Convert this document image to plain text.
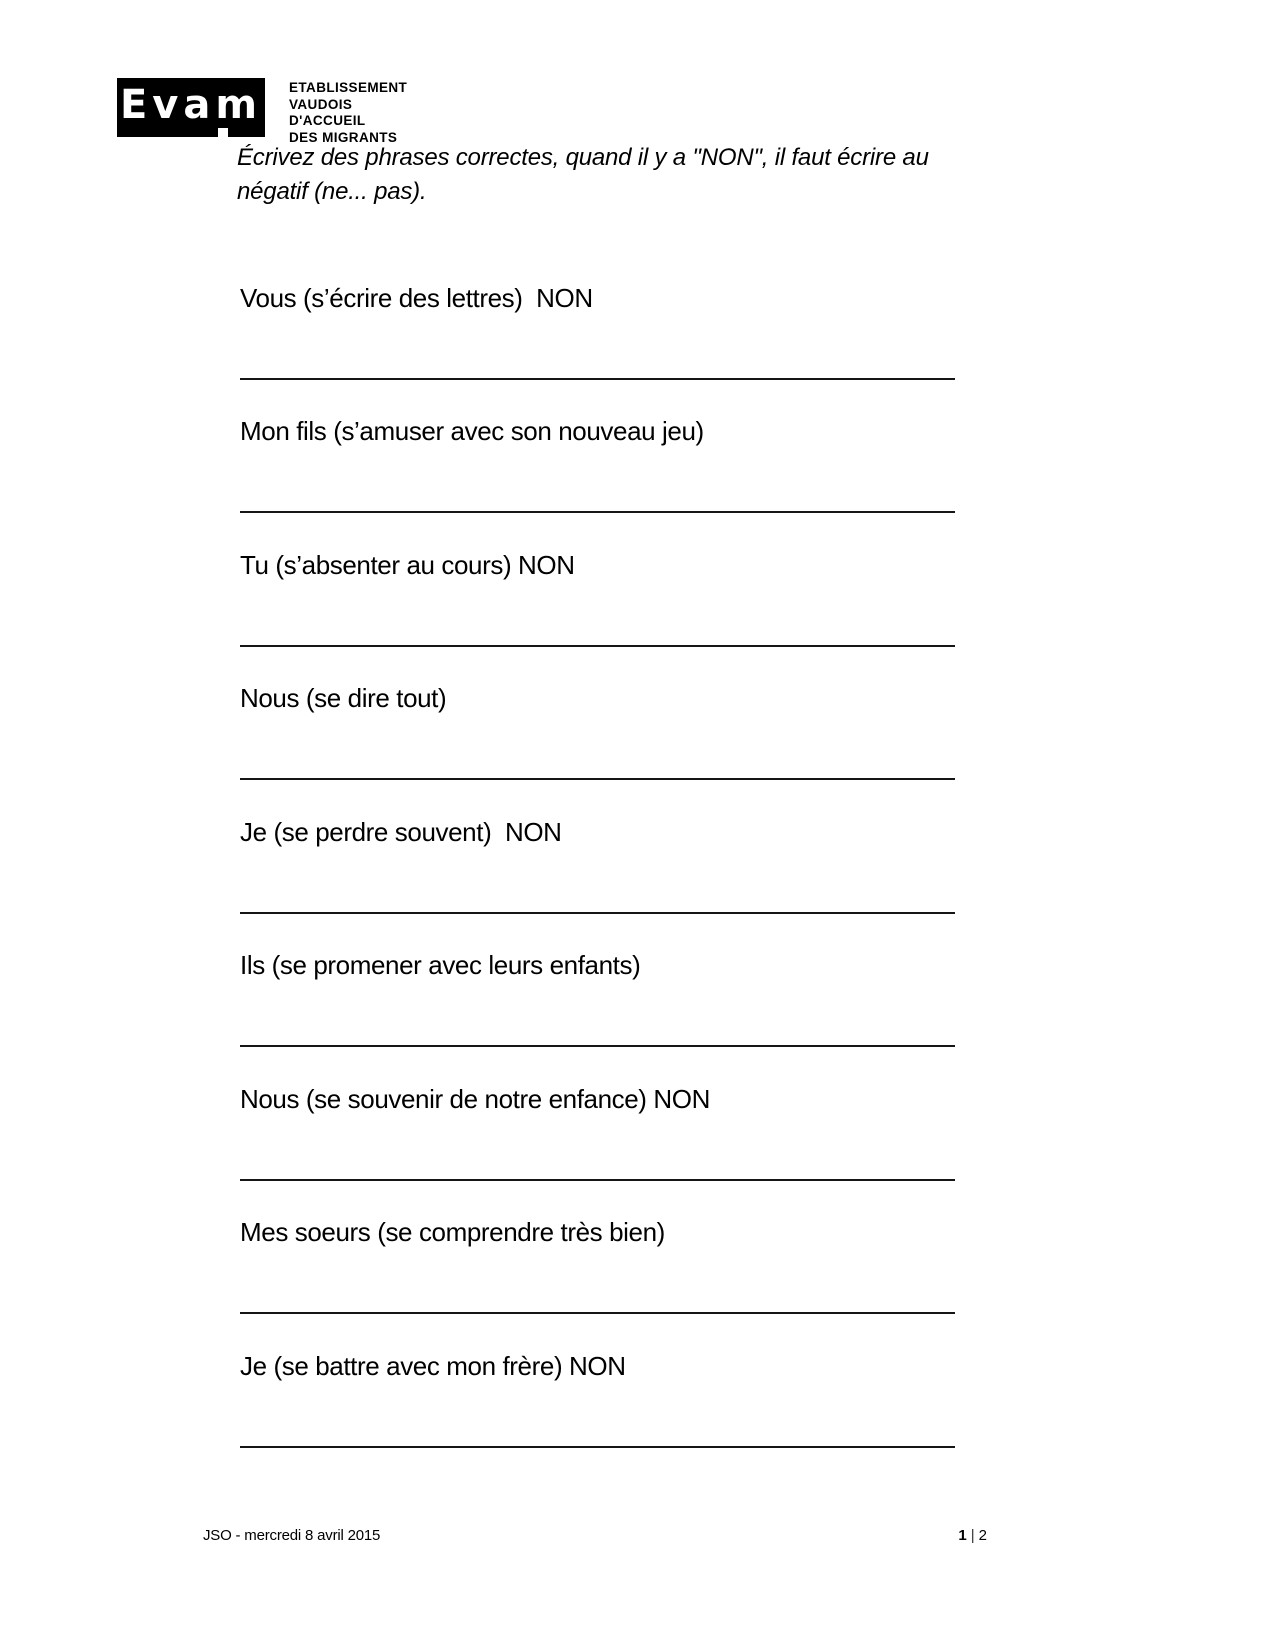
Evam ETABLISSEMENT
VAUDOIS
D'ACCUEIL
DES MIGRANTS
Écrivez des phrases correctes, quand il y a "NON", il faut écrire au
négatif (ne... pas).
Vous (s’écrire des lettres)  NON
Mon fils (s’amuser avec son nouveau jeu)
Tu (s’absenter au cours) NON
Nous (se dire tout)
Je (se perdre souvent)  NON
Ils (se promener avec leurs enfants)
Nous (se souvenir de notre enfance) NON
Mes soeurs (se comprendre très bien)
Je (se battre avec mon frère) NON
JSO - mercredi 8 avril 2015	1 | 2
